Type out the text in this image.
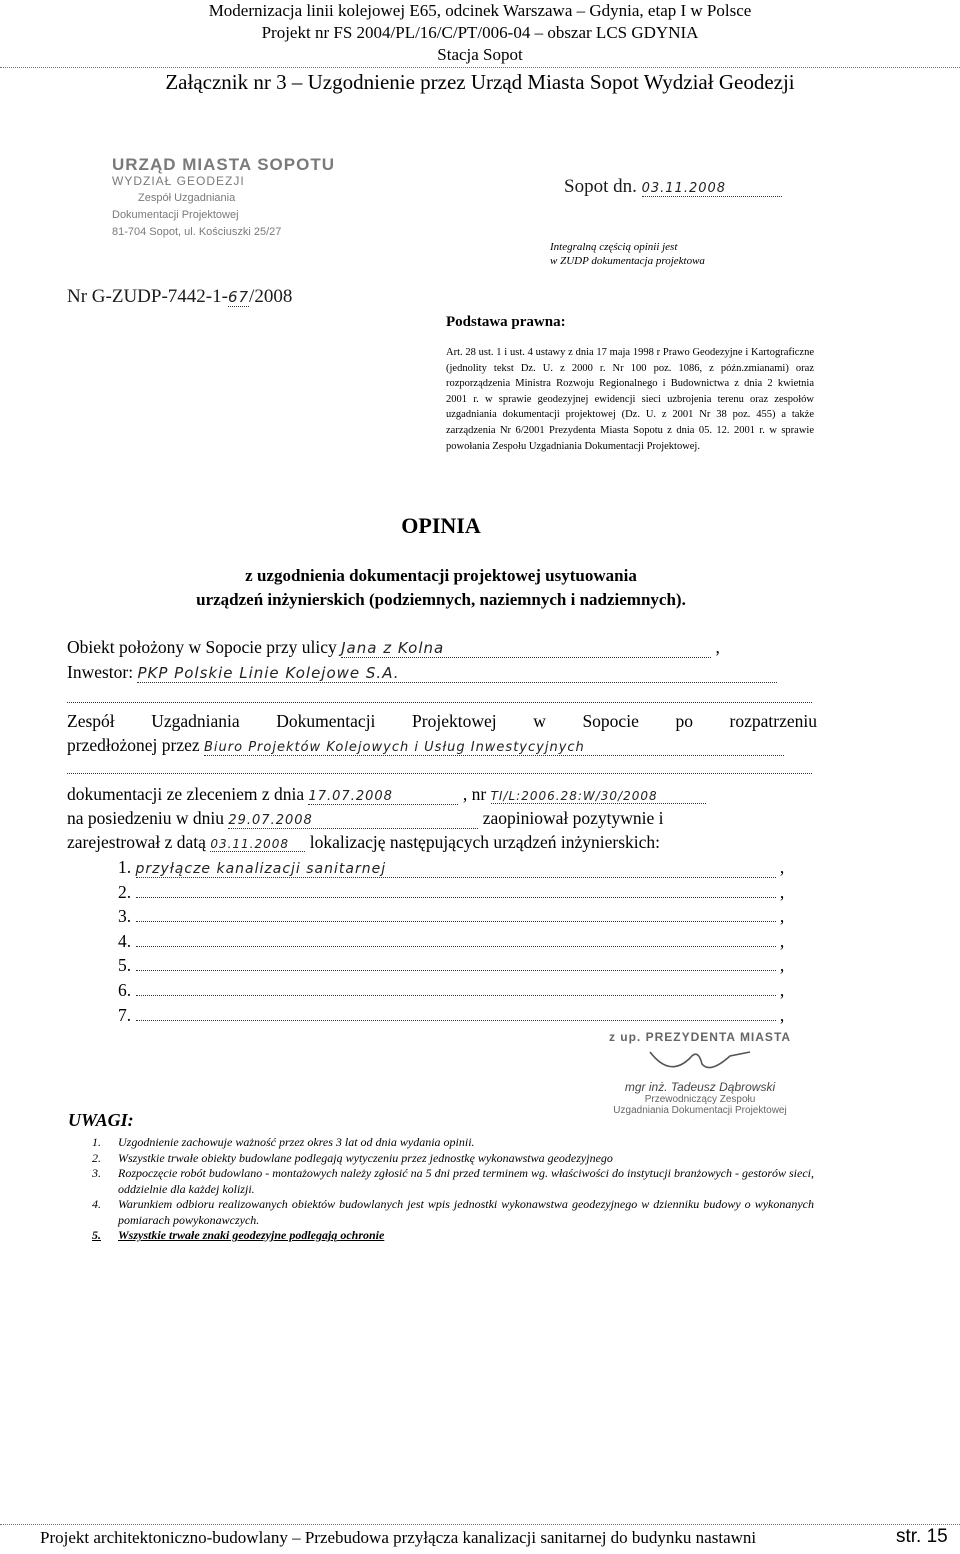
Modernizacja linii kolejowej E65, odcinek Warszawa – Gdynia, etap I w Polsce
Projekt nr FS 2004/PL/16/C/PT/006-04 – obszar LCS GDYNIA
Stacja Sopot
Załącznik nr 3 – Uzgodnienie przez Urząd Miasta Sopot Wydział Geodezji
URZĄD MIASTA SOPOTU
WYDZIAŁ GEODEZJI
Zespół Uzgadniania
Dokumentacji Projektowej
81-704 Sopot, ul. Kościuszki 25/27
Sopot dn. 03.11.2008
Integralną częścią opinii jest
w ZUDP dokumentacja projektowa
Nr G-ZUDP-7442-1-67/2008
Podstawa prawna:
Art. 28 ust. 1 i ust. 4 ustawy z dnia 17 maja 1998 r Prawo Geodezyjne i Kartograficzne (jednolity tekst Dz. U. z 2000 r. Nr 100 poz. 1086, z późn.zmianami) oraz rozporządzenia Ministra Rozwoju Regionalnego i Budownictwa z dnia 2 kwietnia 2001 r. w sprawie geodezyjnej ewidencji sieci uzbrojenia terenu oraz zespołów uzgadniania dokumentacji projektowej (Dz. U. z 2001 Nr 38 poz. 455) a także zarządzenia Nr 6/2001 Prezydenta Miasta Sopotu z dnia 05. 12. 2001 r. w sprawie powołania Zespołu Uzgadniania Dokumentacji Projektowej.
OPINIA
z uzgodnienia dokumentacji projektowej usytuowania
urządzeń inżynierskich (podziemnych, naziemnych i nadziemnych).
Obiekt położony w Sopocie przy ulicy Jana z Kolna	,
Inwestor: PKP Polskie Linie Kolejowe S.A.
Zespół Uzgadniania Dokumentacji Projektowej w Sopocie po rozpatrzeniu
przedłożonej przez Biuro Projektów Kolejowych i Usług Inwestycyjnych
dokumentacji ze zleceniem z dnia 17.07.2008	, nr TI/L:2006.28:W/30/2008
na posiedzeniu w dniu 29.07.2008	zaopiniował pozytywnie i
zarejestrował z datą 03.11.2008 lokalizację następujących urządzeń inżynierskich:
1. przyłącze kanalizacji sanitarnej	,
2.	,
3.	,
4.	,
5.	,
6.	,
7.	,
z up. PREZYDENTA MIASTA
mgr inż. Tadeusz Dąbrowski
Przewodniczący Zespołu
Uzgadniania Dokumentacji Projektowej
UWAGI:
1.	Uzgodnienie zachowuje ważność przez okres 3 lat od dnia wydania opinii.
2.	Wszystkie trwałe obiekty budowlane podlegają wytyczeniu przez jednostkę wykonawstwa geodezyjnego
3.	Rozpoczęcie robót budowlano - montażowych należy zgłosić na 5 dni przed terminem wg. właściwości do instytucji branżowych - gestorów sieci, oddzielnie dla każdej kolizji.
4.	Warunkiem odbioru realizowanych obiektów budowlanych jest wpis jednostki wykonawstwa geodezyjnego w dzienniku budowy o wykonanych pomiarach powykonawczych.
5.	Wszystkie trwałe znaki geodezyjne podlegają ochronie
Projekt architektoniczno-budowlany – Przebudowa przyłącza kanalizacji sanitarnej do budynku nastawni	str. 15
